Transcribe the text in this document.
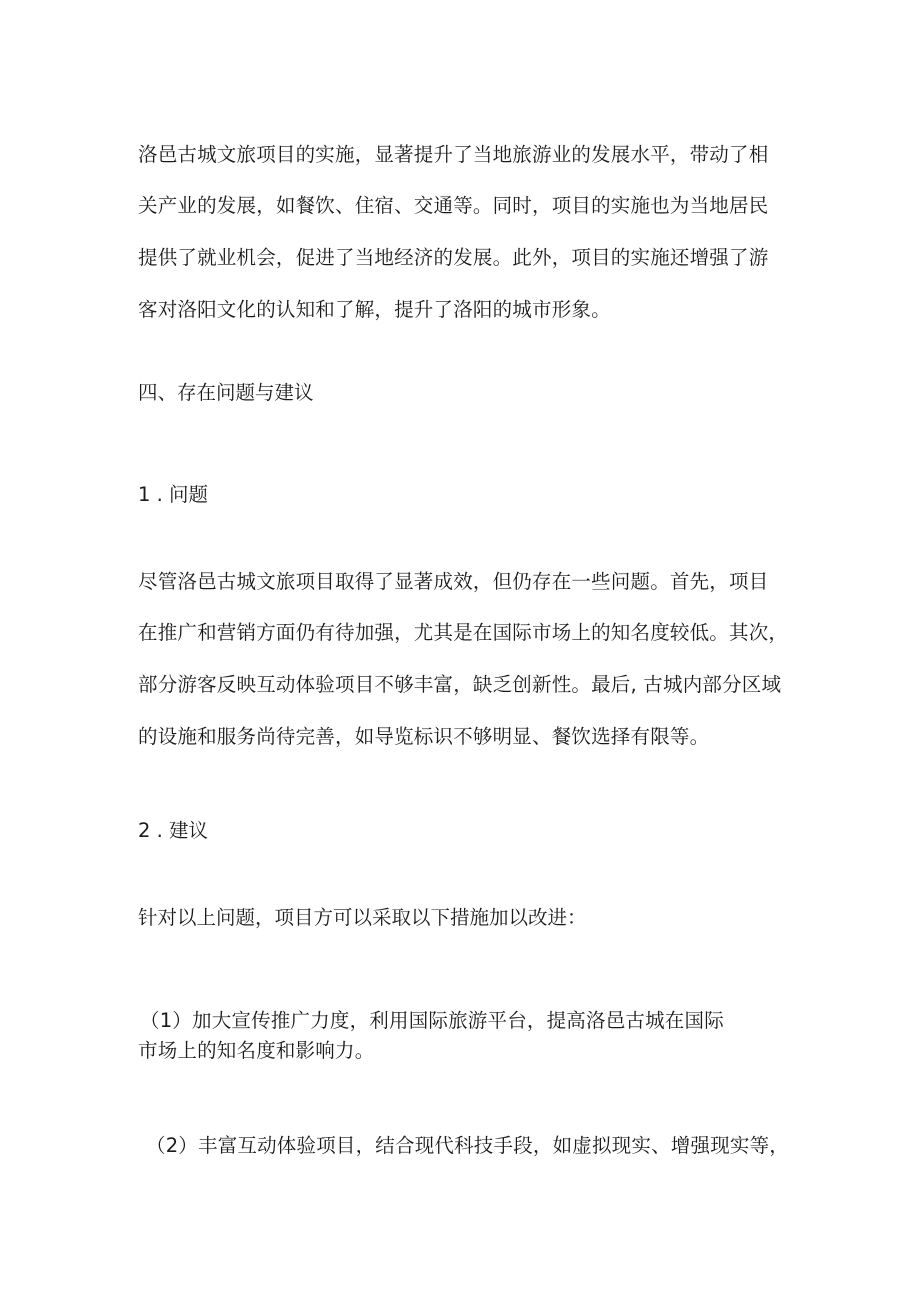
洛邑古城文旅项目的实施，显著提升了当地旅游业的发展水平，带动了相
关产业的发展，如餐饮、住宿、交通等。同时，项目的实施也为当地居民
提供了就业机会，促进了当地经济的发展。此外，项目的实施还增强了游
客对洛阳文化的认知和了解，提升了洛阳的城市形象。
四、存在问题与建议
1 . 问题
尽管洛邑古城文旅项目取得了显著成效，但仍存在一些问题。首先，项目
在推广和营销方面仍有待加强，尤其是在国际市场上的知名度较低。其次，
部分游客反映互动体验项目不够丰富，缺乏创新性。最后, 古城内部分区域
的设施和服务尚待完善，如导览标识不够明显、餐饮选择有限等。
2 . 建议
针对以上问题，项目方可以采取以下措施加以改进：
（1）加大宣传推广力度，利用国际旅游平台，提高洛邑古城在国际
市场上的知名度和影响力。
（2）丰富互动体验项目，结合现代科技手段，如虚拟现实、增强现实等，
